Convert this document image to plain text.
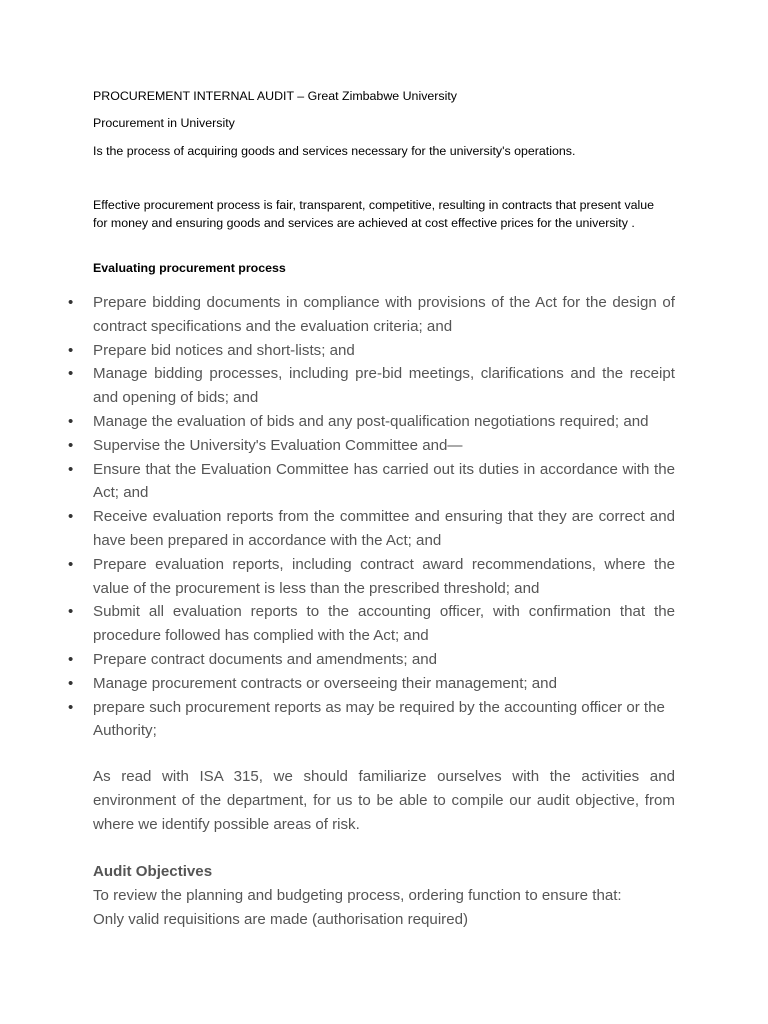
PROCUREMENT INTERNAL AUDIT – Great Zimbabwe University

Procurement in University

Is the process of acquiring goods and services necessary for the university's operations.

Effective procurement process is fair, transparent, competitive, resulting in contracts that present value for money and ensuring goods and services are achieved at cost effective prices for the university .

Evaluating procurement process

• Prepare bidding documents in compliance with provisions of the Act for the design of contract specifications and the evaluation criteria; and
• Prepare bid notices and short-lists; and
• Manage bidding processes, including pre-bid meetings, clarifications and the receipt and opening of bids; and
• Manage the evaluation of bids and any post-qualification negotiations required; and
• Supervise the University's Evaluation Committee and—
• Ensure that the Evaluation Committee has carried out its duties in accordance with the Act; and
• Receive evaluation reports from the committee and ensuring that they are correct and have been prepared in accordance with the Act; and
• Prepare evaluation reports, including contract award recommendations, where the value of the procurement is less than the prescribed threshold; and
• Submit all evaluation reports to the accounting officer, with confirmation that the procedure followed has complied with the Act; and
• Prepare contract documents and amendments; and
• Manage procurement contracts or overseeing their management; and
• prepare such procurement reports as may be required by the accounting officer or the Authority;

As read with ISA 315, we should familiarize ourselves with the activities and environment of the department, for us to be able to compile our audit objective, from where we identify possible areas of risk.

Audit Objectives

To review the planning and budgeting process, ordering function to ensure that:

Only valid requisitions are made (authorisation required)
